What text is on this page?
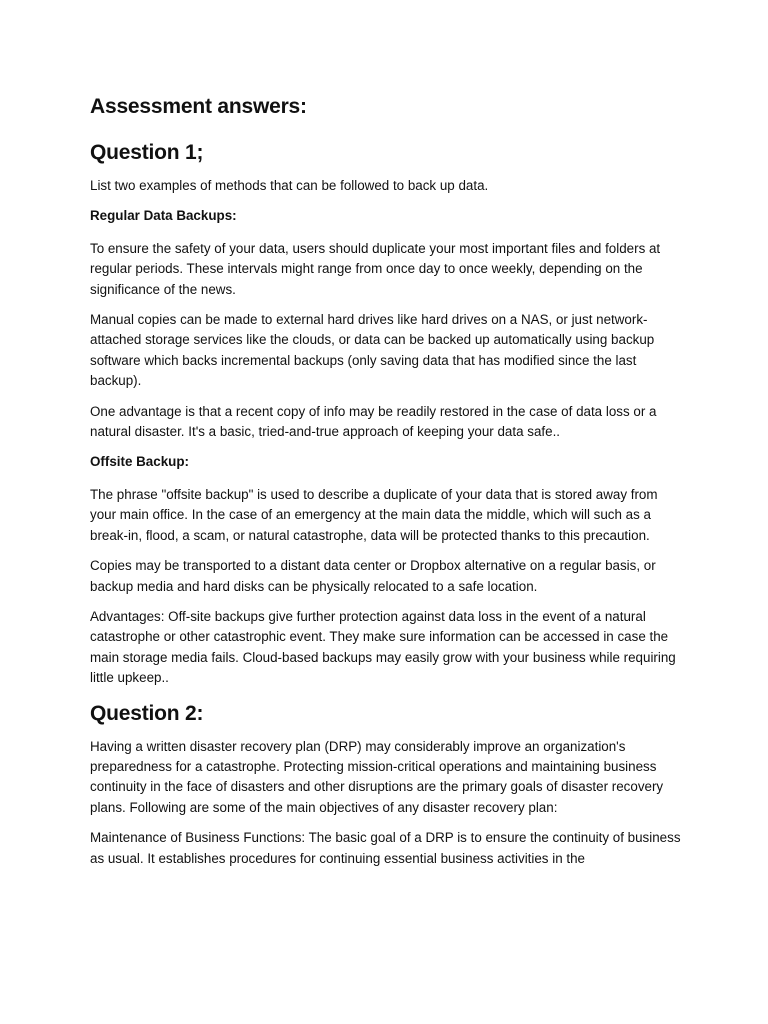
Assessment answers:
Question 1;

List two examples of methods that can be followed to back up data.

Regular Data Backups:

To ensure the safety of your data, users should duplicate your most important files and folders at regular periods. These intervals might range from once day to once weekly, depending on the significance of the news.

Manual copies can be made to external hard drives like hard drives on a NAS, or just network-attached storage services like the clouds, or data can be backed up automatically using backup software which backs incremental backups (only saving data that has modified since the last backup).

One advantage is that a recent copy of info may be readily restored in the case of data loss or a natural disaster. It's a basic, tried-and-true approach of keeping your data safe..

Offsite Backup:

The phrase "offsite backup" is used to describe a duplicate of your data that is stored away from your main office. In the case of an emergency at the main data the middle, which will such as a break-in, flood, a scam, or natural catastrophe, data will be protected thanks to this precaution.

Copies may be transported to a distant data center or Dropbox alternative on a regular basis, or backup media and hard disks can be physically relocated to a safe location.

Advantages: Off-site backups give further protection against data loss in the event of a natural catastrophe or other catastrophic event. They make sure information can be accessed in case the main storage media fails. Cloud-based backups may easily grow with your business while requiring little upkeep..

Question 2:

Having a written disaster recovery plan (DRP) may considerably improve an organization's preparedness for a catastrophe. Protecting mission-critical operations and maintaining business continuity in the face of disasters and other disruptions are the primary goals of disaster recovery plans. Following are some of the main objectives of any disaster recovery plan:

Maintenance of Business Functions: The basic goal of a DRP is to ensure the continuity of business as usual. It establishes procedures for continuing essential business activities in the
